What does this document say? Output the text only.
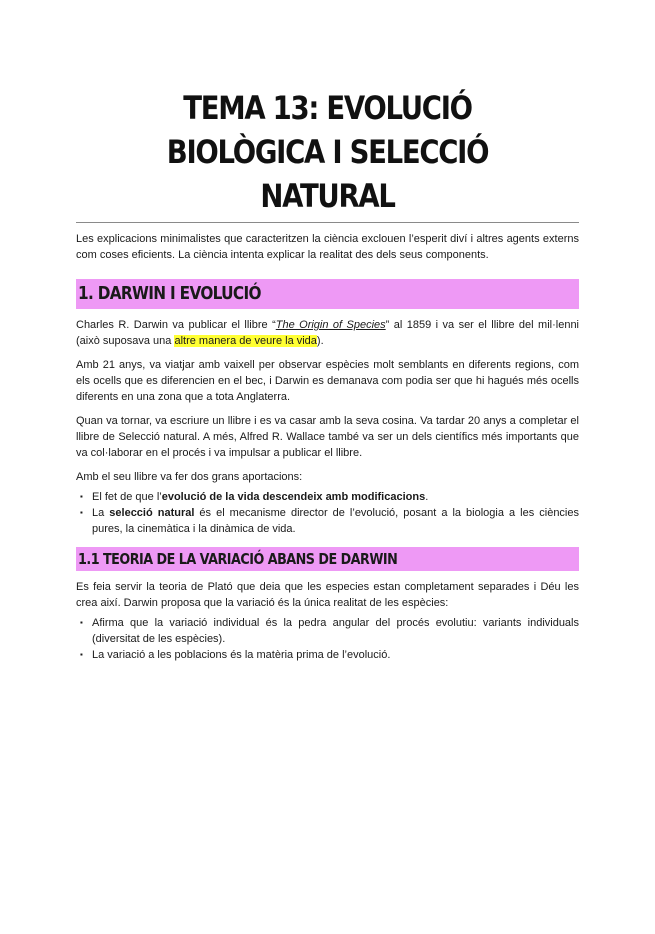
TEMA 13: EVOLUCIÓ BIOLÒGICA I SELECCIÓ NATURAL

Les explicacions minimalistes que caracteritzen la ciència exclouen l’esperit diví i altres agents externs com coses eficients. La ciència intenta explicar la realitat des dels seus components.

1. DARWIN I EVOLUCIÓ

Charles R. Darwin va publicar el llibre “The Origin of Species” al 1859 i va ser el llibre del mil·lenni (això suposava una altre manera de veure la vida).

Amb 21 anys, va viatjar amb vaixell per observar espècies molt semblants en diferents regions, com els ocells que es diferencien en el bec, i Darwin es demanava com podia ser que hi hagués més ocells diferents en una zona que a tota Anglaterra.

Quan va tornar, va escriure un llibre i es va casar amb la seva cosina. Va tardar 20 anys a completar el llibre de Selecció natural. A més, Alfred R. Wallace també va ser un dels científics més importants que va col·laborar en el procés i va impulsar a publicar el llibre.

Amb el seu llibre va fer dos grans aportacions:

▪ El fet de que l’evolució de la vida descendeix amb modificacions.
▪ La selecció natural és el mecanisme director de l’evolució, posant a la biologia a les ciències pures, la cinemàtica i la dinàmica de vida.
1.1 TEORIA DE LA VARIACIÓ ABANS DE DARWIN

Es feia servir la teoria de Plató que deia que les especies estan completament separades i Déu les crea així. Darwin proposa que la variació és la única realitat de les espècies:

▪ Afirma que la variació individual és la pedra angular del procés evolutiu: variants individuals (diversitat de les espècies).
▪ La variació a les poblacions és la matèria prima de l’evolució.
